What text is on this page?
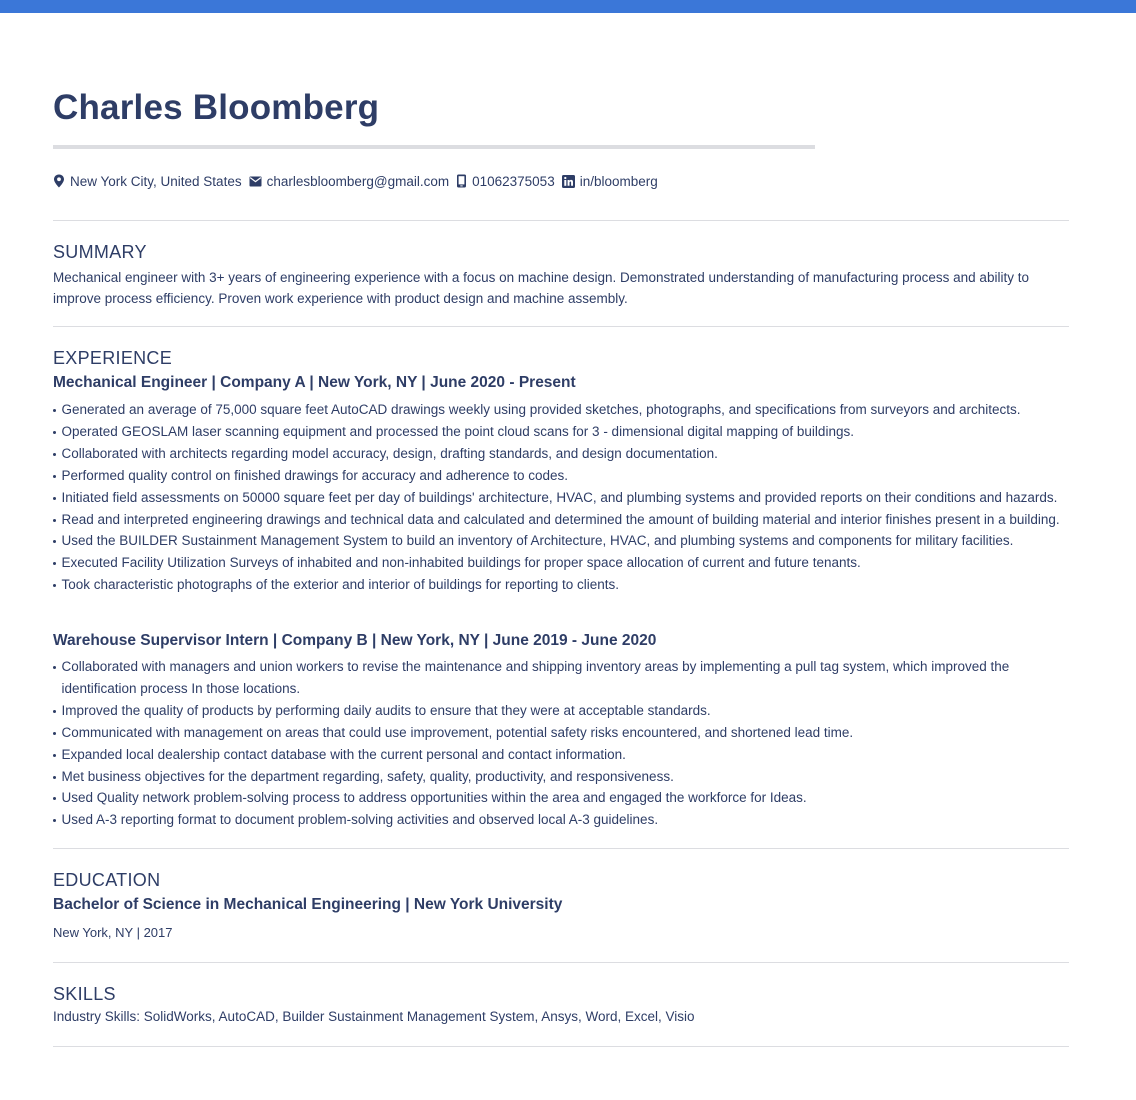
Charles Bloomberg
New York City, United States charlesbloomberg@gmail.com 01062375053 in/bloomberg
SUMMARY
Mechanical engineer with 3+ years of engineering experience with a focus on machine design. Demonstrated understanding of manufacturing process and ability to improve process efficiency. Proven work experience with product design and machine assembly.
EXPERIENCE
Mechanical Engineer | Company A | New York, NY | June 2020 - Present
Generated an average of 75,000 square feet AutoCAD drawings weekly using provided sketches, photographs, and specifications from surveyors and architects.
Operated GEOSLAM laser scanning equipment and processed the point cloud scans for 3 - dimensional digital mapping of buildings.
Collaborated with architects regarding model accuracy, design, drafting standards, and design documentation.
Performed quality control on finished drawings for accuracy and adherence to codes.
Initiated field assessments on 50000 square feet per day of buildings' architecture, HVAC, and plumbing systems and provided reports on their conditions and hazards.
Read and interpreted engineering drawings and technical data and calculated and determined the amount of building material and interior finishes present in a building.
Used the BUILDER Sustainment Management System to build an inventory of Architecture, HVAC, and plumbing systems and components for military facilities.
Executed Facility Utilization Surveys of inhabited and non-inhabited buildings for proper space allocation of current and future tenants.
Took characteristic photographs of the exterior and interior of buildings for reporting to clients.
Warehouse Supervisor Intern | Company B | New York, NY | June 2019 - June 2020
Collaborated with managers and union workers to revise the maintenance and shipping inventory areas by implementing a pull tag system, which improved the identification process In those locations.
Improved the quality of products by performing daily audits to ensure that they were at acceptable standards.
Communicated with management on areas that could use improvement, potential safety risks encountered, and shortened lead time.
Expanded local dealership contact database with the current personal and contact information.
Met business objectives for the department regarding, safety, quality, productivity, and responsiveness.
Used Quality network problem-solving process to address opportunities within the area and engaged the workforce for Ideas.
Used A-3 reporting format to document problem-solving activities and observed local A-3 guidelines.
EDUCATION
Bachelor of Science in Mechanical Engineering | New York University
New York, NY | 2017
SKILLS
Industry Skills: SolidWorks, AutoCAD, Builder Sustainment Management System, Ansys, Word, Excel, Visio
